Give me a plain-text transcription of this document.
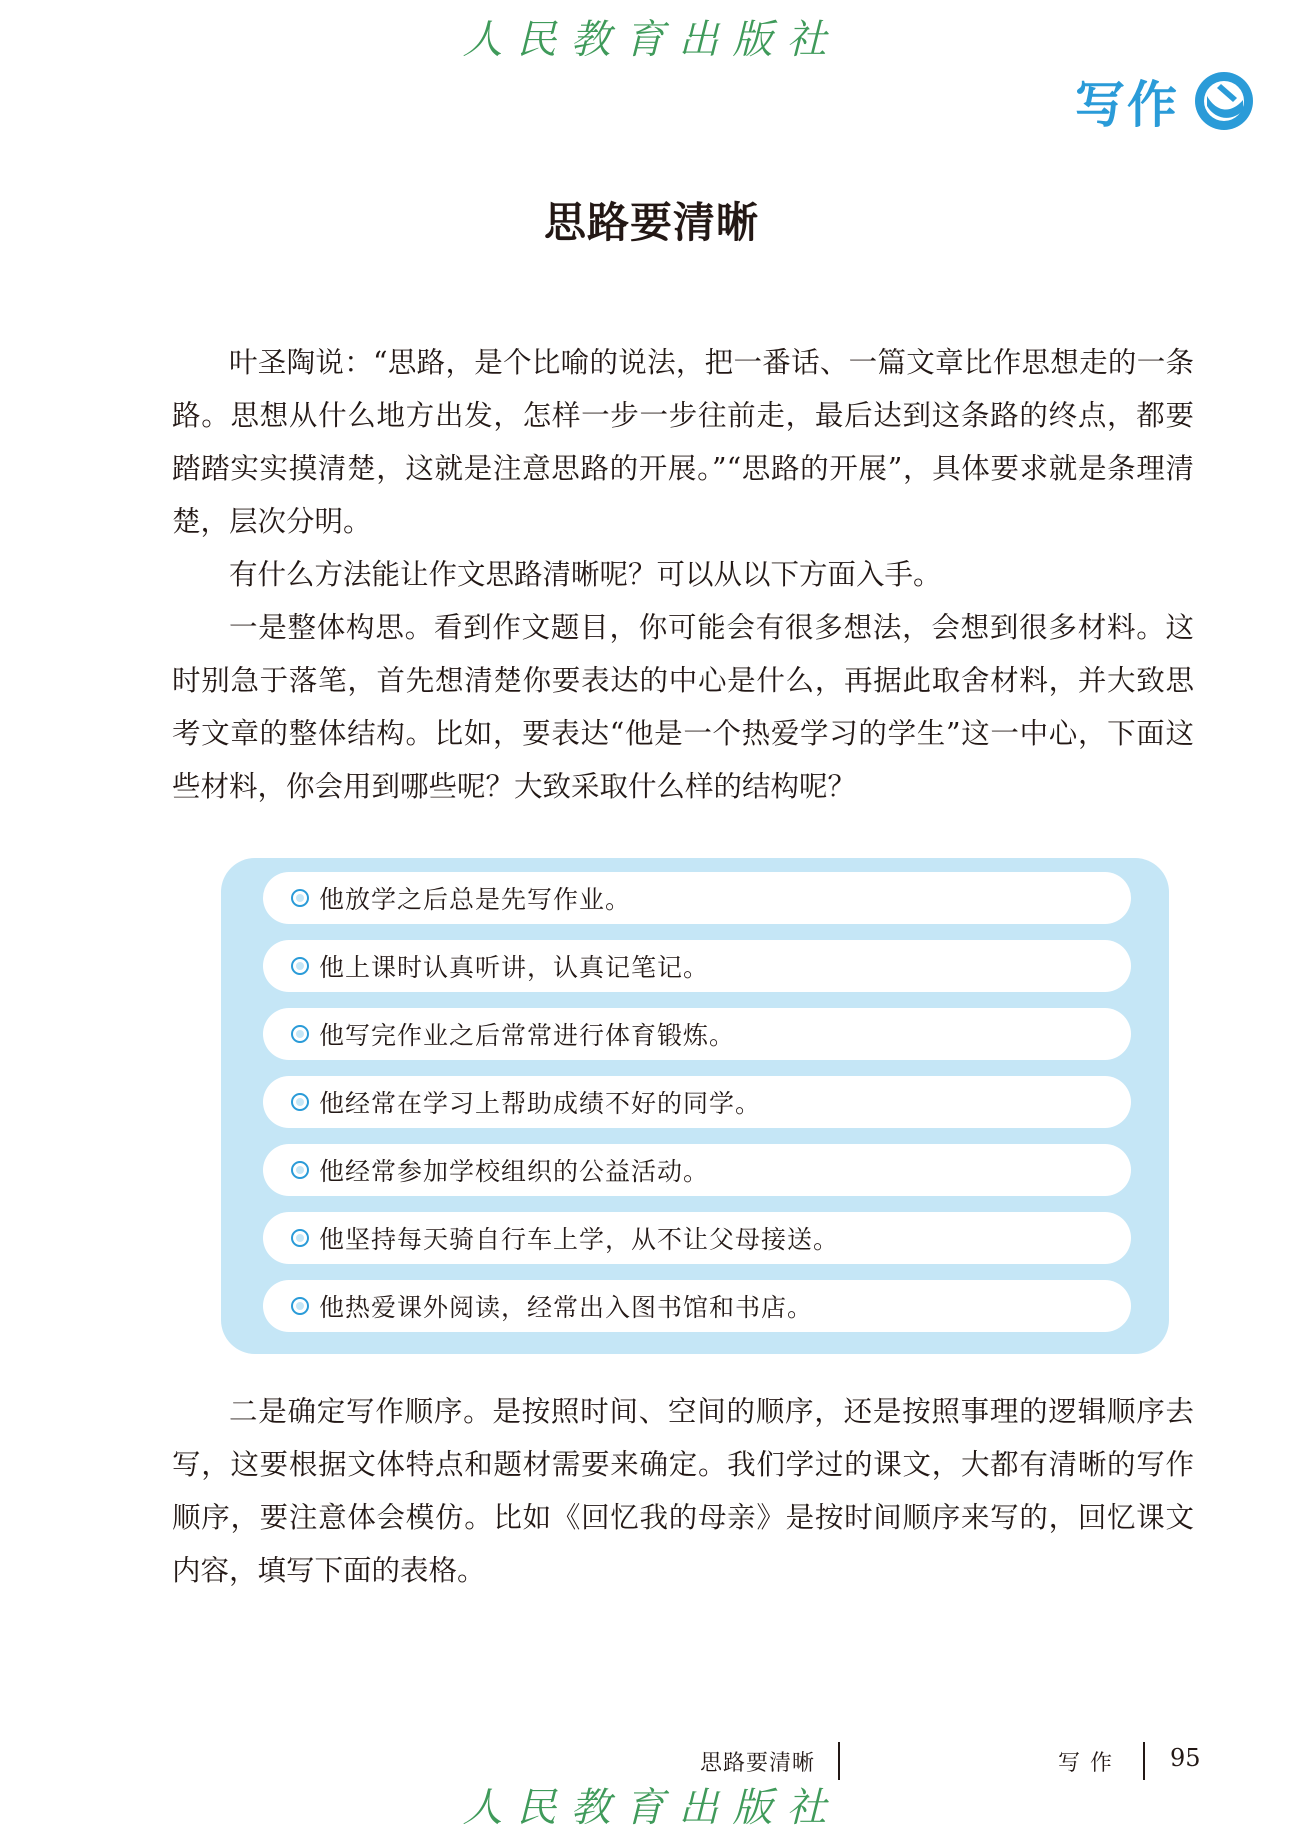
人民教育出版社
写作
思路要清晰

叶圣陶说：“思路，是个比喻的说法，把一番话、一篇文章比作思想走的一条路。思想从什么地方出发，怎样一步一步往前走，最后达到这条路的终点，都要踏踏实实摸清楚，这就是注意思路的开展。”“思路的开展”，具体要求就是条理清楚，层次分明。

有什么方法能让作文思路清晰呢？可以从以下方面入手。

一是整体构思。看到作文题目，你可能会有很多想法，会想到很多材料。这时别急于落笔，首先想清楚你要表达的中心是什么，再据此取舍材料，并大致思考文章的整体结构。比如，要表达“他是一个热爱学习的学生”这一中心，下面这些材料，你会用到哪些呢？大致采取什么样的结构呢？

他放学之后总是先写作业。
他上课时认真听讲，认真记笔记。
他写完作业之后常常进行体育锻炼。
他经常在学习上帮助成绩不好的同学。
他经常参加学校组织的公益活动。
他坚持每天骑自行车上学，从不让父母接送。
他热爱课外阅读，经常出入图书馆和书店。

二是确定写作顺序。是按照时间、空间的顺序，还是按照事理的逻辑顺序去写，这要根据文体特点和题材需要来确定。我们学过的课文，大都有清晰的写作顺序，要注意体会模仿。比如《回忆我的母亲》是按时间顺序来写的，回忆课文内容，填写下面的表格。

思路要清晰	写作 95
人民教育出版社
